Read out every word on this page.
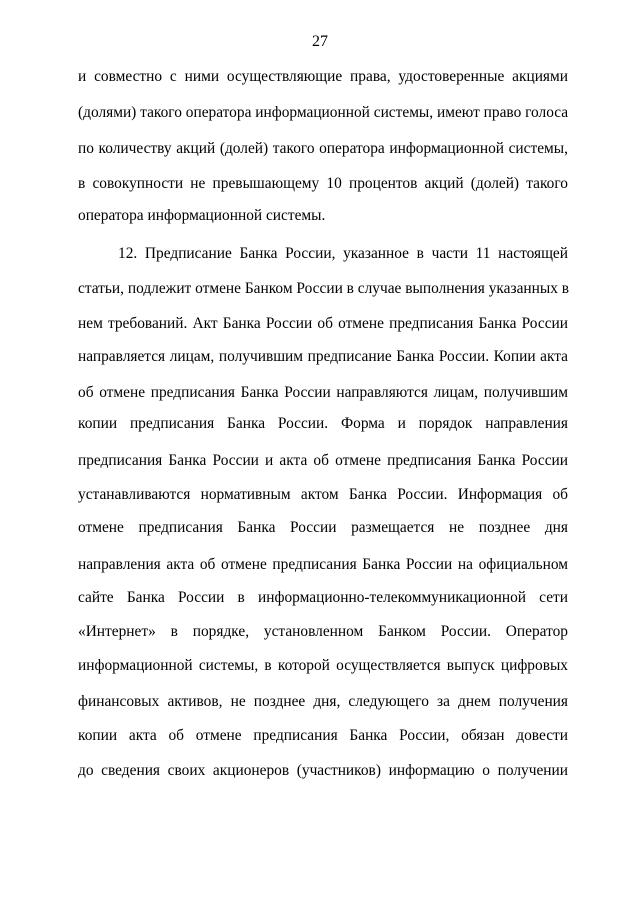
27
и совместно с ними осуществляющие права, удостоверенные акциями
(долями) такого оператора информационной системы, имеют право голоса
по количеству акций (долей) такого оператора информационной системы,
в совокупности не превышающему 10 процентов акций (долей) такого
оператора информационной системы.
12. Предписание Банка России, указанное в части 11 настоящей
статьи, подлежит отмене Банком России в случае выполнения указанных в
нем требований. Акт Банка России об отмене предписания Банка России
направляется лицам, получившим предписание Банка России. Копии акта
об отмене предписания Банка России направляются лицам, получившим
копии предписания Банка России. Форма и порядок направления
предписания Банка России и акта об отмене предписания Банка России
устанавливаются нормативным актом Банка России. Информация об
отмене предписания Банка России размещается не позднее дня
направления акта об отмене предписания Банка России на официальном
сайте Банка России в информационно-телекоммуникационной сети
«Интернет» в порядке, установленном Банком России. Оператор
информационной системы, в которой осуществляется выпуск цифровых
финансовых активов, не позднее дня, следующего за днем получения
копии акта об отмене предписания Банка России, обязан довести
до сведения своих акционеров (участников) информацию о получении
